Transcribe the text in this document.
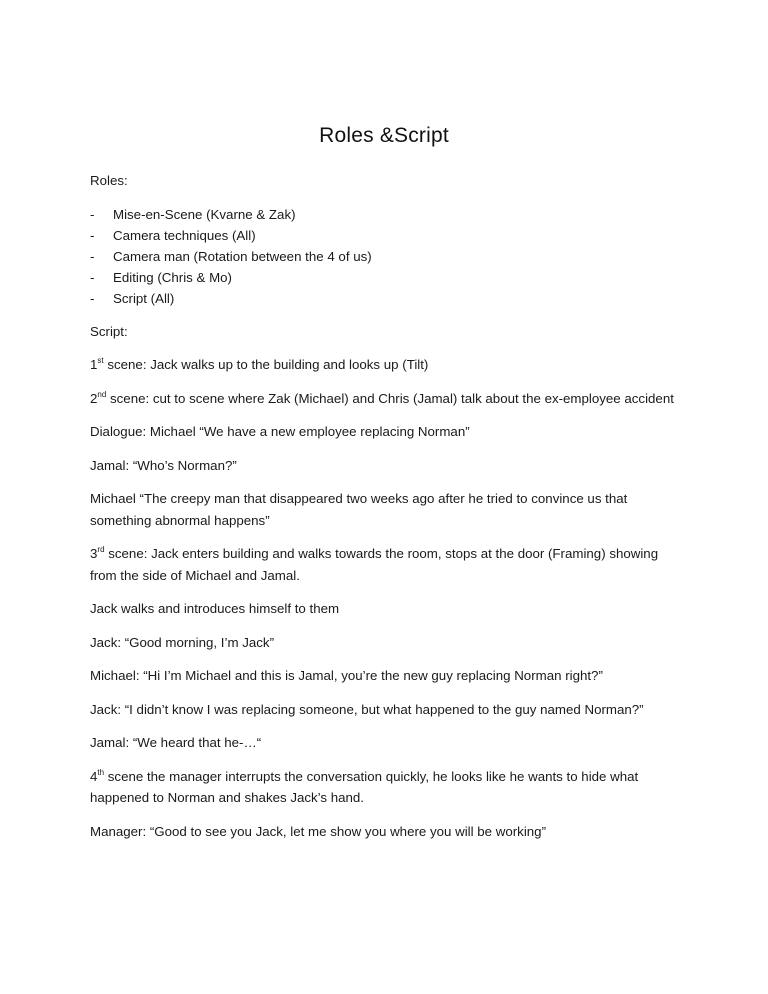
Roles &Script

Roles:

-	Mise-en-Scene (Kvarne & Zak)
-	Camera techniques (All)
-	Camera man (Rotation between the 4 of us)
-	Editing (Chris & Mo)
-	Script (All)

Script:

1st scene: Jack walks up to the building and looks up (Tilt)

2nd scene: cut to scene where Zak (Michael) and Chris (Jamal) talk about the ex-employee accident

Dialogue: Michael “We have a new employee replacing Norman”

Jamal: “Who’s Norman?”

Michael “The creepy man that disappeared two weeks ago after he tried to convince us that something abnormal happens”

3rd scene: Jack enters building and walks towards the room, stops at the door (Framing) showing from the side of Michael and Jamal.

Jack walks and introduces himself to them

Jack: “Good morning, I’m Jack”

Michael: “Hi I’m Michael and this is Jamal, you’re the new guy replacing Norman right?”

Jack: “I didn’t know I was replacing someone, but what happened to the guy named Norman?”

Jamal: “We heard that he-…“

4th scene the manager interrupts the conversation quickly, he looks like he wants to hide what happened to Norman and shakes Jack’s hand.

Manager: “Good to see you Jack, let me show you where you will be working”
